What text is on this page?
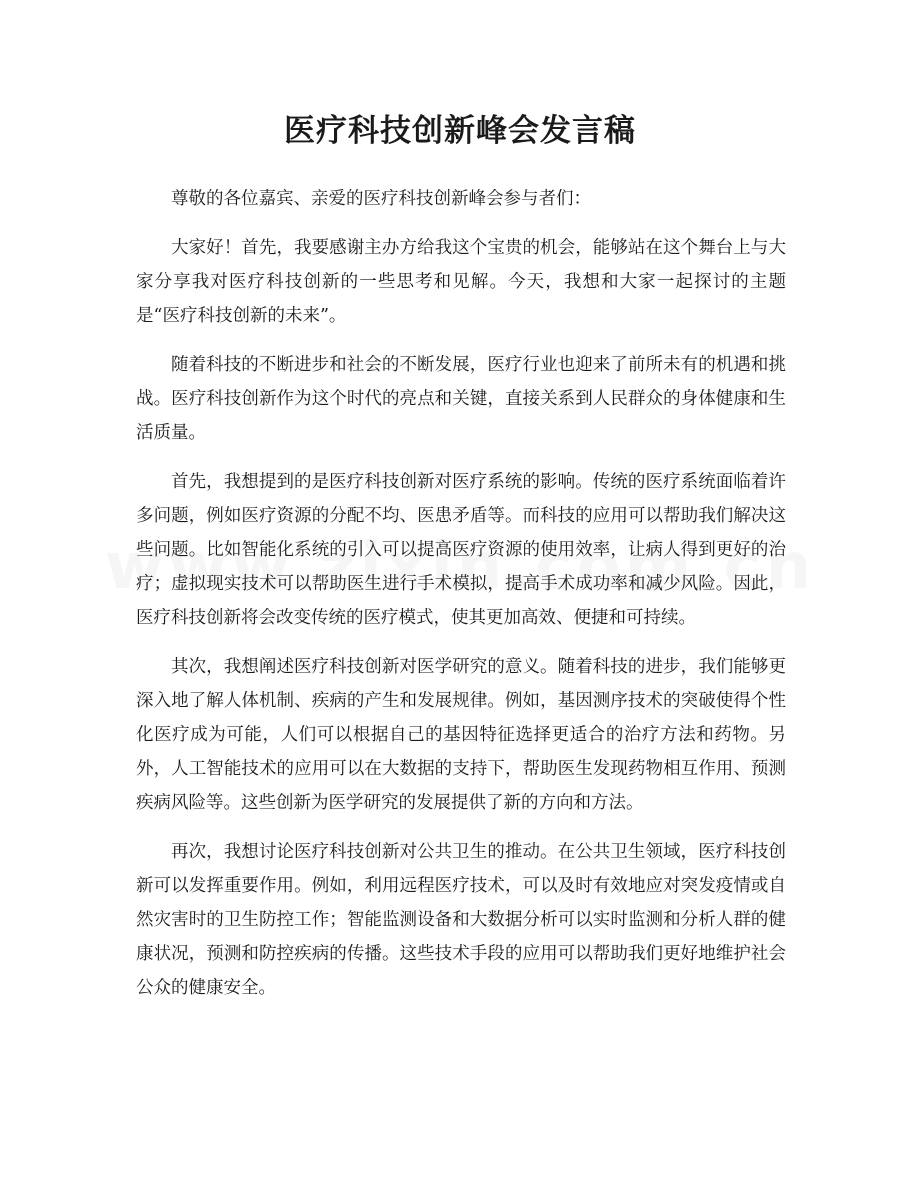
医疗科技创新峰会发言稿

尊敬的各位嘉宾、亲爱的医疗科技创新峰会参与者们：

大家好！首先，我要感谢主办方给我这个宝贵的机会，能够站在这个舞台上与大家分享我对医疗科技创新的一些思考和见解。今天，我想和大家一起探讨的主题是“医疗科技创新的未来”。

随着科技的不断进步和社会的不断发展，医疗行业也迎来了前所未有的机遇和挑战。医疗科技创新作为这个时代的亮点和关键，直接关系到人民群众的身体健康和生活质量。

首先，我想提到的是医疗科技创新对医疗系统的影响。传统的医疗系统面临着许多问题，例如医疗资源的分配不均、医患矛盾等。而科技的应用可以帮助我们解决这些问题。比如智能化系统的引入可以提高医疗资源的使用效率，让病人得到更好的治疗；虚拟现实技术可以帮助医生进行手术模拟，提高手术成功率和减少风险。因此，医疗科技创新将会改变传统的医疗模式，使其更加高效、便捷和可持续。

其次，我想阐述医疗科技创新对医学研究的意义。随着科技的进步，我们能够更深入地了解人体机制、疾病的产生和发展规律。例如，基因测序技术的突破使得个性化医疗成为可能，人们可以根据自己的基因特征选择更适合的治疗方法和药物。另外，人工智能技术的应用可以在大数据的支持下，帮助医生发现药物相互作用、预测疾病风险等。这些创新为医学研究的发展提供了新的方向和方法。

再次，我想讨论医疗科技创新对公共卫生的推动。在公共卫生领域，医疗科技创新可以发挥重要作用。例如，利用远程医疗技术，可以及时有效地应对突发疫情或自然灾害时的卫生防控工作；智能监测设备和大数据分析可以实时监测和分析人群的健康状况，预测和防控疾病的传播。这些技术手段的应用可以帮助我们更好地维护社会公众的健康安全。
